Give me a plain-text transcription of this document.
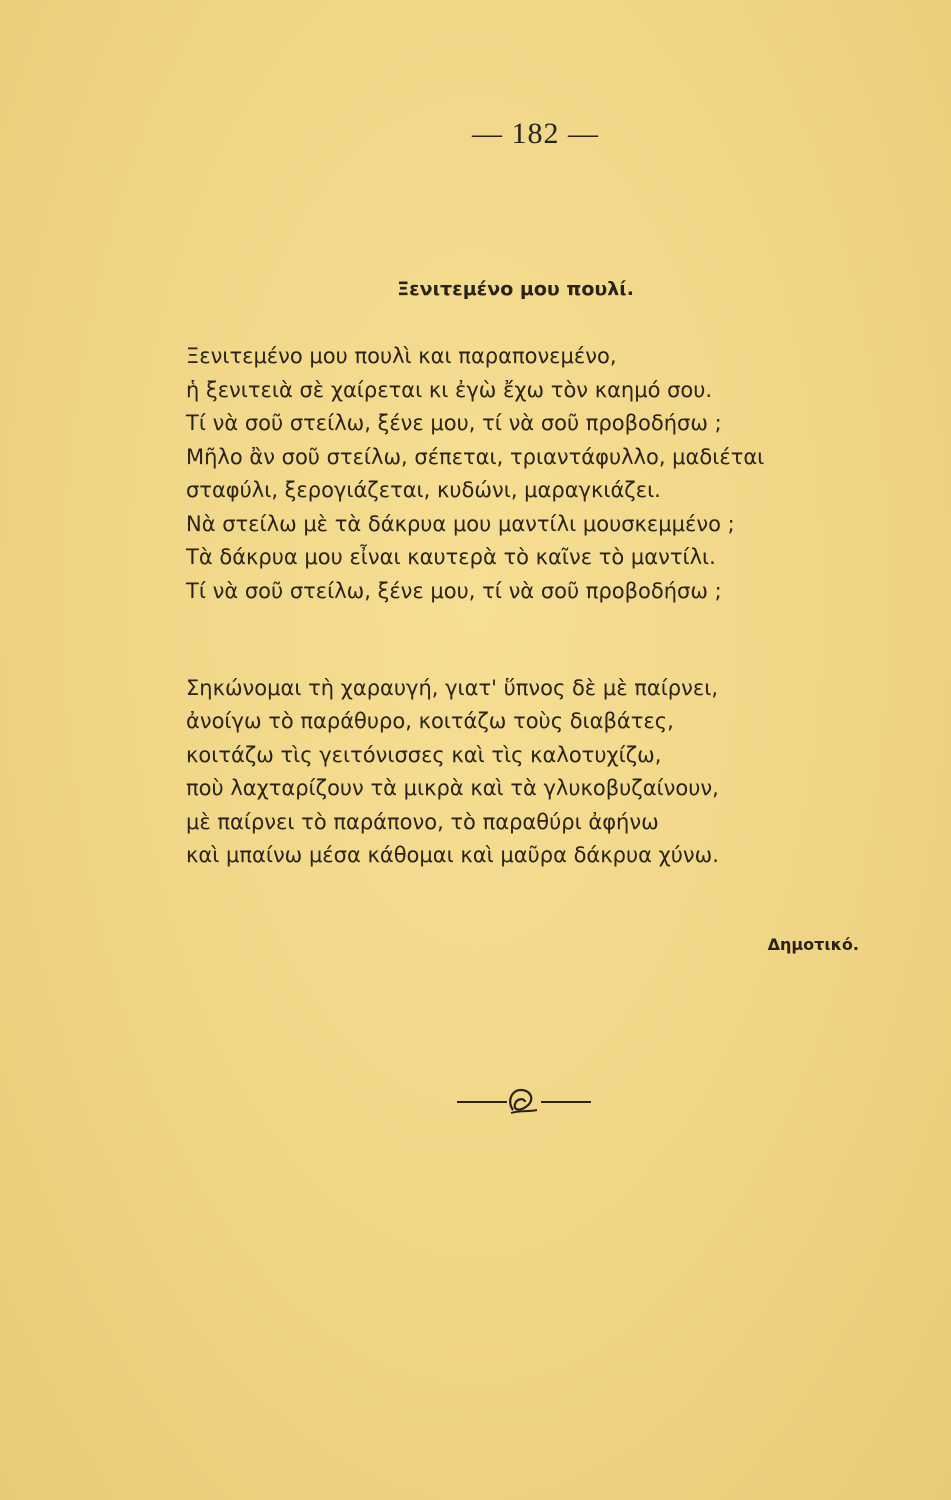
— 182 —
Ξενιτεμένο μου πουλί.
Ξενιτεμένο μου πουλὶ και παραπονεμένο,
ἡ ξενιτειὰ σὲ χαίρεται κι ἐγὼ ἔχω τὸν καημό σου.
Τί νὰ σοῦ στείλω, ξένε μου, τί νὰ σοῦ προβοδήσω ;
Μῆλο ἂν σοῦ στείλω, σέπεται, τριαντάφυλλο, μαδιέται
σταφύλι, ξερογιάζεται, κυδώνι, μαραγκιάζει.
Νὰ στείλω μὲ τὰ δάκρυα μου μαντίλι μουσκεμμένο ;
Τὰ δάκρυα μου εἶναι καυτερὰ τὸ καῖνε τὸ μαντίλι.
Τί νὰ σοῦ στείλω, ξένε μου, τί νὰ σοῦ προβοδήσω ;
Σηκώνομαι τὴ χαραυγή, γιατ' ὕπνος δὲ μὲ παίρνει,
ἀνοίγω τὸ παράθυρο, κοιτάζω τοὺς διαβάτες,
κοιτάζω τὶς γειτόνισσες καὶ τὶς καλοτυχίζω,
ποὺ λαχταρίζουν τὰ μικρὰ καὶ τὰ γλυκοβυζαίνουν,
μὲ παίρνει τὸ παράπονο, τὸ παραθύρι ἀφήνω
καὶ μπαίνω μέσα κάθομαι καὶ μαῦρα δάκρυα χύνω.
Δημοτικό.
